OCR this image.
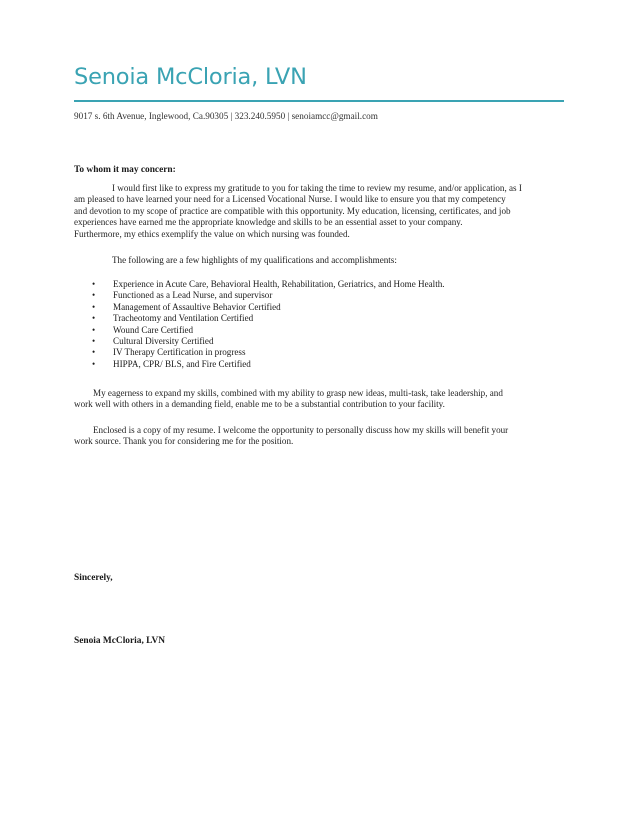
Senoia McCloria, LVN
9017 s. 6th Avenue, Inglewood, Ca.90305 | 323.240.5950 | senoiamcc@gmail.com
To whom it may concern:
I would first like to express my gratitude to you for taking the time to review my resume, and/or application, as I
am pleased to have learned your need for a Licensed Vocational Nurse. I would like to ensure you that my competency
and devotion to my scope of practice are compatible with this opportunity. My education, licensing, certificates, and job
experiences have earned me the appropriate knowledge and skills to be an essential asset to your company.
Furthermore, my ethics exemplify the value on which nursing was founded.
The following are a few highlights of my qualifications and accomplishments:
•	Experience in Acute Care, Behavioral Health, Rehabilitation, Geriatrics, and Home Health.
•	Functioned as a Lead Nurse, and supervisor
•	Management of Assaultive Behavior Certified
•	Tracheotomy and Ventilation Certified
•	Wound Care Certified
•	Cultural Diversity Certified
•	IV Therapy Certification in progress
•	HIPPA, CPR/ BLS, and Fire Certified
My eagerness to expand my skills, combined with my ability to grasp new ideas, multi-task, take leadership, and
work well with others in a demanding field, enable me to be a substantial contribution to your facility.
Enclosed is a copy of my resume. I welcome the opportunity to personally discuss how my skills will benefit your
work source. Thank you for considering me for the position.
Sincerely,
Senoia McCloria, LVN
